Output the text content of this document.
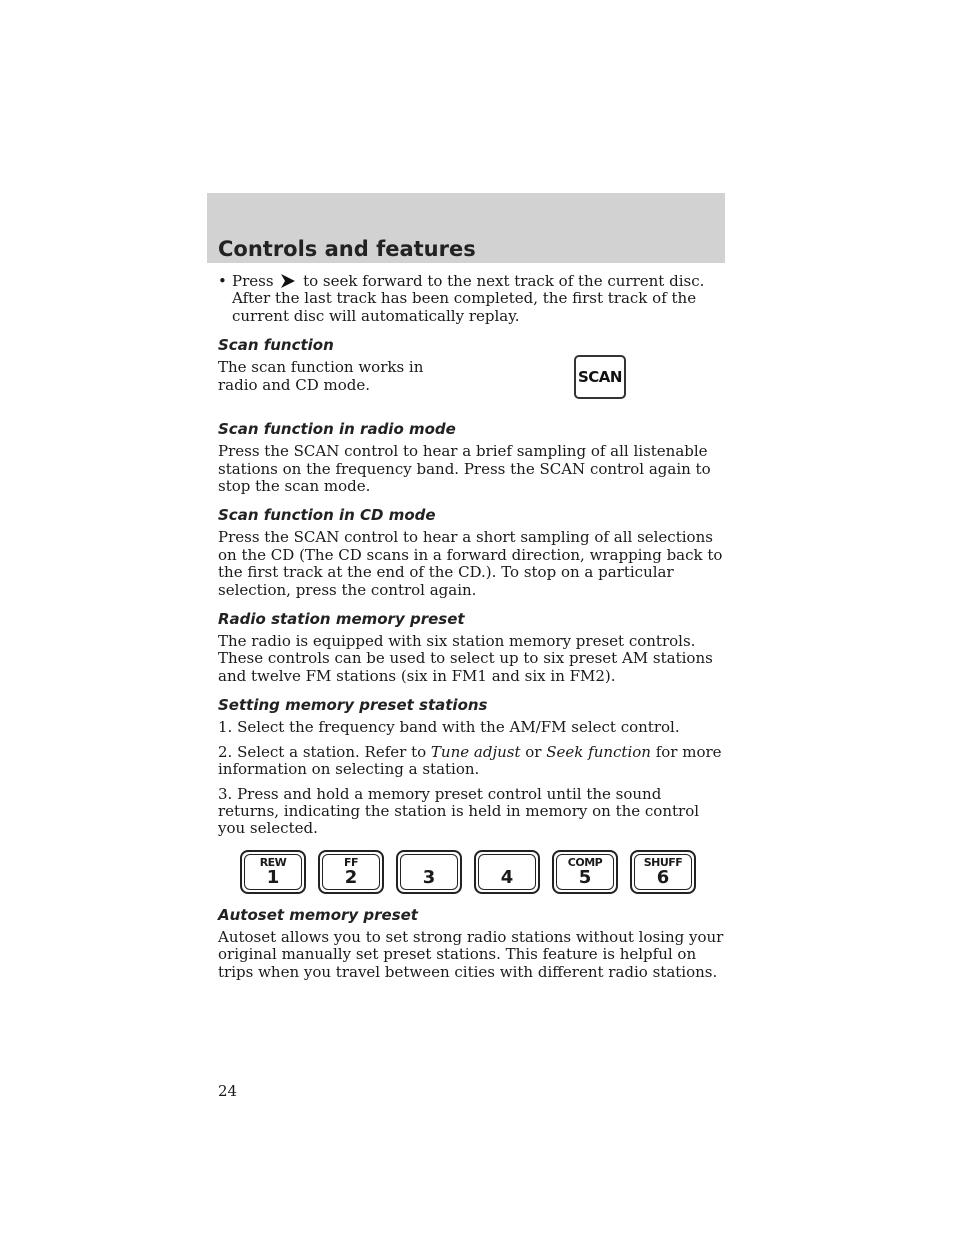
Controls and features

• Press to seek forward to the next track of the current disc. After the last track has been completed, the first track of the current disc will automatically replay.

Scan function

The scan function works in radio and CD mode.	SCAN
Scan function in radio mode

Press the SCAN control to hear a brief sampling of all listenable stations on the frequency band. Press the SCAN control again to stop the scan mode.

Scan function in CD mode

Press the SCAN control to hear a short sampling of all selections on the CD (The CD scans in a forward direction, wrapping back to the first track at the end of the CD.). To stop on a particular selection, press the control again.

Radio station memory preset

The radio is equipped with six station memory preset controls. These controls can be used to select up to six preset AM stations and twelve FM stations (six in FM1 and six in FM2).

Setting memory preset stations

1. Select the frequency band with the AM/FM select control.

2. Select a station. Refer to Tune adjust or Seek function for more information on selecting a station.

3. Press and hold a memory preset control until the sound returns, indicating the station is held in memory on the control you selected.

REW
1
FF
2	3	4
COMP
5
SHUFF
6
Autoset memory preset

Autoset allows you to set strong radio stations without losing your original manually set preset stations. This feature is helpful on trips when you travel between cities with different radio stations.

24
